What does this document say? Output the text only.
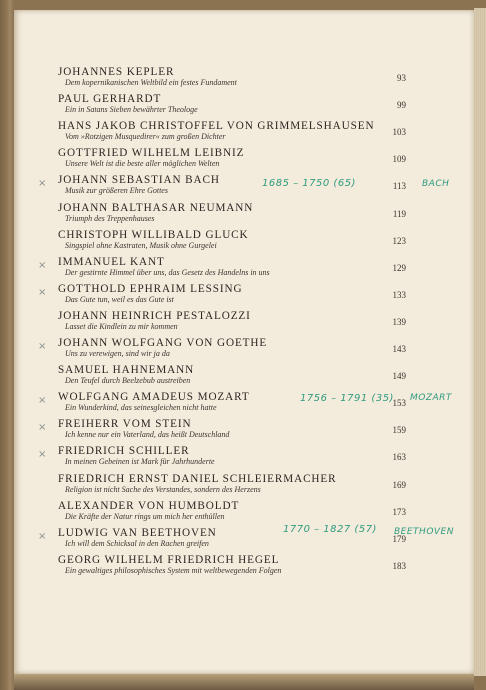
JOHANNES KEPLER
Dem kopernikanischen Weltbild ein festes Fundament	93
PAUL GERHARDT
Ein in Satans Sieben bewährter Theologe	99
HANS JAKOB CHRISTOFFEL VON GRIMMELSHAUSEN
Vom »Rotzigen Musquedirer« zum großen Dichter	103
GOTTFRIED WILHELM LEIBNIZ
Unsere Welt ist die beste aller möglichen Welten	109
× JOHANN SEBASTIAN BACH
Musik zur größeren Ehre Gottes	113
JOHANN BALTHASAR NEUMANN
Triumph des Treppenhauses	119
CHRISTOPH WILLIBALD GLUCK
Singspiel ohne Kastraten, Musik ohne Gurgelei	123
× IMMANUEL KANT
Der gestirnte Himmel über uns, das Gesetz des Handelns in uns	129
× GOTTHOLD EPHRAIM LESSING
Das Gute tun, weil es das Gute ist	133
JOHANN HEINRICH PESTALOZZI
Lasset die Kindlein zu mir kommen	139
× JOHANN WOLFGANG VON GOETHE
Uns zu verewigen, sind wir ja da	143
SAMUEL HAHNEMANN
Den Teufel durch Beelzebub austreiben	149
× WOLFGANG AMADEUS MOZART
Ein Wunderkind, das seinesgleichen nicht hatte	153
× FREIHERR VOM STEIN
Ich kenne nur ein Vaterland, das heißt Deutschland	159
× FRIEDRICH SCHILLER
In meinen Gebeinen ist Mark für Jahrhunderte	163
FRIEDRICH ERNST DANIEL SCHLEIERMACHER
Religion ist nicht Sache des Verstandes, sondern des Herzens	169
ALEXANDER VON HUMBOLDT
Die Kräfte der Natur rings um mich her enthüllen	173
× LUDWIG VAN BEETHOVEN
Ich will dem Schicksal in den Rachen greifen	179
GEORG WILHELM FRIEDRICH HEGEL
Ein gewaltiges philosophisches System mit weltbewegenden Folgen	183
1685 – 1750 (65)	BACH
1756 – 1791 (35) MOZART
1770 – 1827 (57) BEETHOVEN
